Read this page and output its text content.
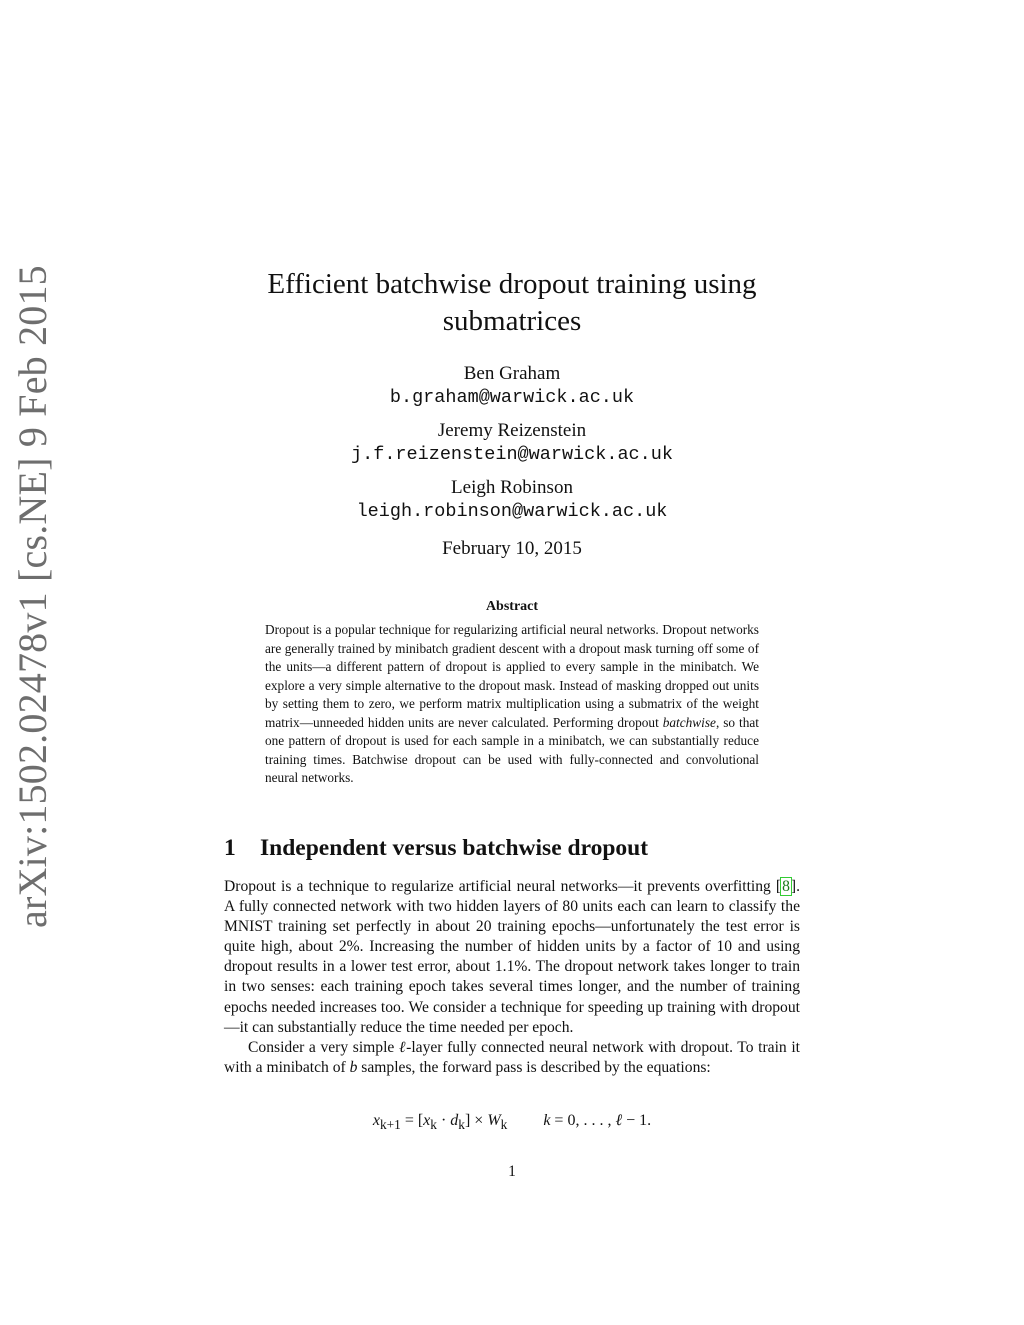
arXiv:1502.02478v1 [cs.NE] 9 Feb 2015	Efficient batchwise dropout training using
submatrices
Ben Graham
b.graham@warwick.ac.uk
Jeremy Reizenstein
j.f.reizenstein@warwick.ac.uk
Leigh Robinson
leigh.robinson@warwick.ac.uk
February 10, 2015
Abstract

Dropout is a popular technique for regularizing artificial neural networks. Dropout networks are generally trained by minibatch gradient descent with a dropout mask turning off some of the units—a different pattern of dropout is applied to every sample in the minibatch. We explore a very simple alternative to the dropout mask. Instead of masking dropped out units by setting them to zero, we perform matrix multiplication using a submatrix of the weight matrix—unneeded hidden units are never calculated. Performing dropout batchwise, so that one pattern of dropout is used for each sample in a minibatch, we can substantially reduce training times. Batchwise dropout can be used with fully-connected and convolutional neural networks.

1 Independent versus batchwise dropout

Dropout is a technique to regularize artificial neural networks—it prevents overfitting [8]. A fully connected network with two hidden layers of 80 units each can learn to classify the MNIST training set perfectly in about 20 training epochs—unfortunately the test error is quite high, about 2%. Increasing the number of hidden units by a factor of 10 and using dropout results in a lower test error, about 1.1%. The dropout network takes longer to train in two senses: each training epoch takes several times longer, and the number of training epochs needed increases too. We consider a technique for speeding up training with dropout—it can substantially reduce the time needed per epoch.

Consider a very simple ℓ-layer fully connected neural network with dropout. To train it with a minibatch of b samples, the forward pass is described by the equations:

$x_{k+1} = [x_k \cdot d_k] \times W_k$ k = 0, . . . , ℓ − 1.
1
